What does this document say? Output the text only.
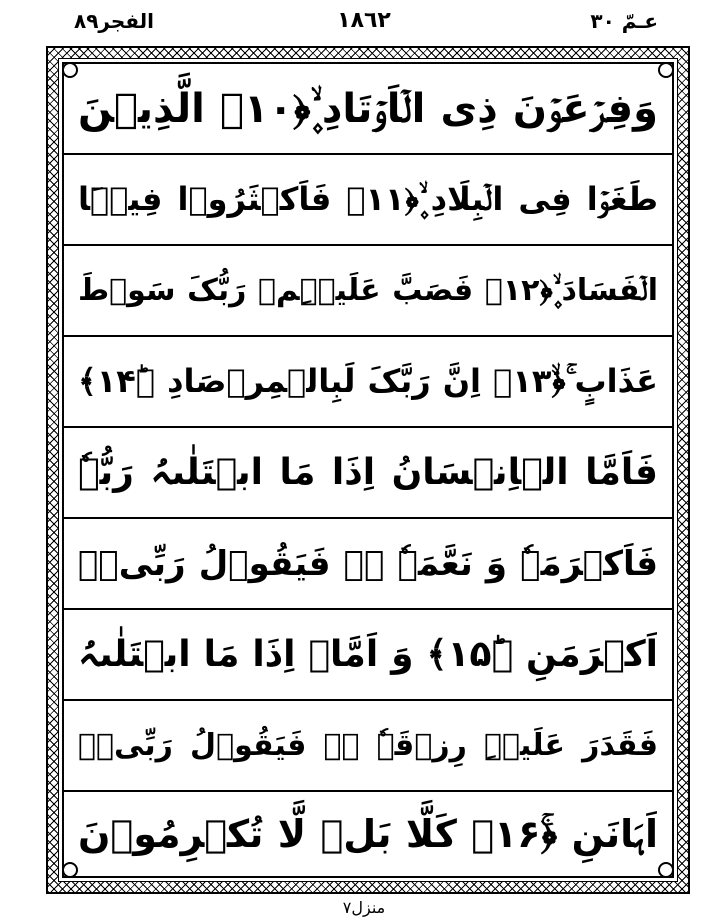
الفجر٨٩	١٨٦٢	عـمّ ٣٠
وَفِرۡعَوۡنَ ذِی الۡاَوۡتَادِ ۪ۙ﴿۱۰﴾ الَّذِیۡنَ
طَغَوۡا فِی الۡبِلَادِ ۪ۙ﴿۱۱﴾ فَاَکۡثَرُوۡا فِیۡہَا
الۡفَسَادَ ۪ۙ﴿۱۲﴾ فَصَبَّ عَلَیۡہِمۡ رَبُّکَ سَوۡطَ
عَذَابٍ ۚ﴿ۙ۱۳﴾ اِنَّ رَبَّکَ لَبِالۡمِرۡصَادِ ﴿ؕ۱۴﴾
فَاَمَّا الۡاِنۡسَانُ اِذَا مَا ابۡتَلٰىہُ رَبُّہٗ
فَاَکۡرَمَہٗ وَ نَعَّمَہٗ ۬ۙ فَیَقُوۡلُ رَبِّیۡۤ
اَکۡرَمَنِ ﴿ؕ۱۵﴾ وَ اَمَّاۤ اِذَا مَا ابۡتَلٰىہُ
فَقَدَرَ عَلَیۡہِ رِزۡقَہٗ ۬ۙ فَیَقُوۡلُ رَبِّیۡۤ
اَہَانَنِ ﴿ۚ۱۶﴾ کَلَّا بَلۡ لَّا تُکۡرِمُوۡنَ
منزل٧
